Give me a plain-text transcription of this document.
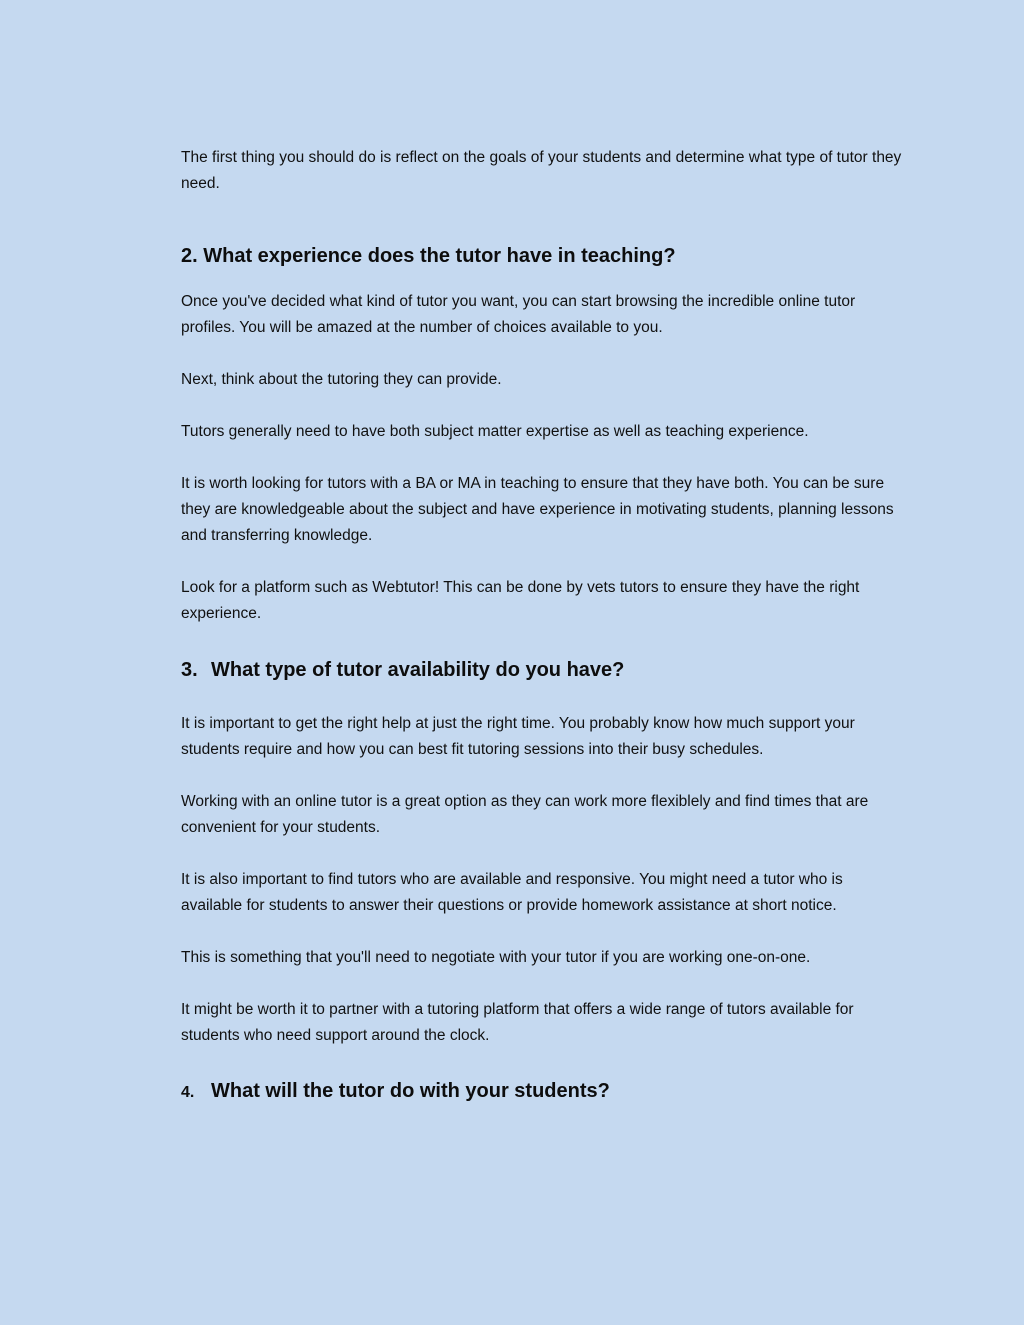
The first thing you should do is reflect on the goals of your students and determine what type of tutor they need.

2. What experience does the tutor have in teaching?

Once you've decided what kind of tutor you want, you can start browsing the incredible online tutor profiles. You will be amazed at the number of choices available to you.

Next, think about the tutoring they can provide.

Tutors generally need to have both subject matter expertise as well as teaching experience.

It is worth looking for tutors with a BA or MA in teaching to ensure that they have both. You can be sure they are knowledgeable about the subject and have experience in motivating students, planning lessons and transferring knowledge.

Look for a platform such as Webtutor! This can be done by vets tutors to ensure they have the right experience.

3. What type of tutor availability do you have?

It is important to get the right help at just the right time. You probably know how much support your students require and how you can best fit tutoring sessions into their busy schedules.

Working with an online tutor is a great option as they can work more flexiblely and find times that are convenient for your students.

It is also important to find tutors who are available and responsive. You might need a tutor who is available for students to answer their questions or provide homework assistance at short notice.

This is something that you'll need to negotiate with your tutor if you are working one-on-one.

It might be worth it to partner with a tutoring platform that offers a wide range of tutors available for students who need support around the clock.

4. What will the tutor do with your students?
